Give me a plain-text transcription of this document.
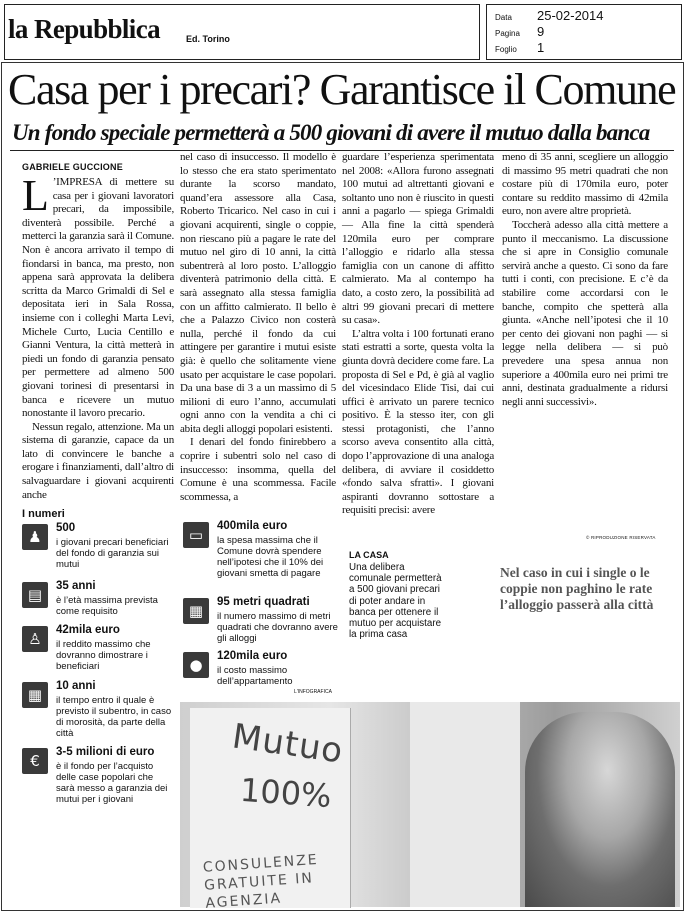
la Repubblica	Ed. Torino
Data 25-02-2014
Pagina 9
Foglio 1
Casa per i precari? Garantisce il Comune
Un fondo speciale permetterà a 500 giovani di avere il mutuo dalla banca
GABRIELE GUCCIONE

L ’IMPRESA di mettere su casa per i giovani lavoratori precari, da impossibile, diventerà possibile. Perché a metterci la garanzia sarà il Comune. Non è ancora arrivato il tempo di fiondarsi in banca, ma presto, non appena sarà approvata la delibera scritta da Marco Grimaldi di Sel e depositata ieri in Sala Rossa, insieme con i colleghi Marta Levi, Michele Curto, Lucia Centillo e Gianni Ventura, la città metterà in piedi un fondo di garanzia pensato per permettere ad almeno 500 giovani torinesi di presentarsi in banca e ricevere un mutuo nonostante il lavoro precario.

Nessun regalo, attenzione. Ma un sistema di garanzie, capace da un lato di convincere le banche a erogare i finanziamenti, dall’altro di salvaguardare i giovani acquirenti anche

nel caso di insuccesso. Il modello è lo stesso che era stato sperimentato durante la scorso mandato, quand’era assessore alla Casa, Roberto Tricarico. Nel caso in cui i giovani acquirenti, single o coppie, non riescano più a pagare le rate del mutuo nel giro di 10 anni, la città subentrerà al loro posto. L’alloggio diventerà patrimonio della città. E sarà assegnato alla stessa famiglia con un affitto calmierato. Il bello è che a Palazzo Civico non costerà nulla, perché il fondo da cui attingere per garantire i mutui esiste già: è quello che solitamente viene usato per acquistare le case popolari. Da una base di 3 a un massimo di 5 milioni di euro l’anno, accumulati ogni anno con la vendita a chi ci abita degli alloggi popolari esistenti.

I denari del fondo finirebbero a coprire i subentri solo nel caso di insuccesso: insomma, quella del Comune è una scommessa. Facile scommessa, a

guardare l’esperienza sperimentata nel 2008: «Allora furono assegnati 100 mutui ad altrettanti giovani e soltanto uno non è riuscito in questi anni a pagarlo — spiega Grimaldi — Alla fine la città spenderà 120mila euro per comprare l’alloggio e ridarlo alla stessa famiglia con un canone di affitto calmierato. Ma al contempo ha dato, a costo zero, la possibilità ad altri 99 giovani precari di mettere su casa».

L’altra volta i 100 fortunati erano stati estratti a sorte, questa volta la giunta dovrà decidere come fare. La proposta di Sel e Pd, è già al vaglio del vicesindaco Elide Tisi, dai cui uffici è arrivato un parere tecnico positivo. È la stesso iter, con gli stessi protagonisti, che l’anno scorso aveva consentito alla città, dopo l’approvazione di una analoga delibera, di avviare il cosiddetto «fondo salva sfratti». I giovani aspiranti dovranno sottostare a requisiti precisi: avere

meno di 35 anni, scegliere un alloggio di massimo 95 metri quadrati che non costare più di 170mila euro, poter contare su reddito massimo di 42mila euro, non avere altre proprietà.

Toccherà adesso alla città mettere a punto il meccanismo. La discussione che si apre in Consiglio comunale servirà anche a questo. Ci sono da fare tutti i conti, con precisione. E c’è da stabilire come accordarsi con le banche, compito che spetterà alla giunta. «Anche nell’ipotesi che il 10 per cento dei giovani non paghi — si legge nella delibera — si può prevedere una spesa annua non superiore a 400mila euro nei primi tre anni, destinata gradualmente a ridursi negli anni successivi».

© RIPRODUZIONE RISERVATA
Nel caso in cui i single o le coppie non paghino le rate l’alloggio passerà alla città
I numeri
♟	500
i giovani precari beneficiari del fondo di garanzia sui mutui
▤	35 anni
è l’età massima prevista come requisito
♙	42mila euro
il reddito massimo che dovranno dimostrare i beneficiari
▦	10 anni
il tempo entro il quale è previsto il subentro, in caso di morosità, da parte della città
€	3-5 milioni di euro
è il fondo per l’acquisto delle case popolari che sarà messo a garanzia dei mutui per i giovani
▭	400mila euro
la spesa massima che il Comune dovrà spendere nell’ipotesi che il 10% dei giovani smetta di pagare
▦	95 metri quadrati
il numero massimo di metri quadrati che dovranno avere gli alloggi
●	120mila euro
il costo massimo dell’appartamento
L'INFOGRAFICA
LA CASA
Una delibera comunale permetterà a 500 giovani precari di poter andare in banca per ottenere il mutuo per acquistare la prima casa
Mutuo
100%
CONSULENZE GRATUITE IN AGENZIA
